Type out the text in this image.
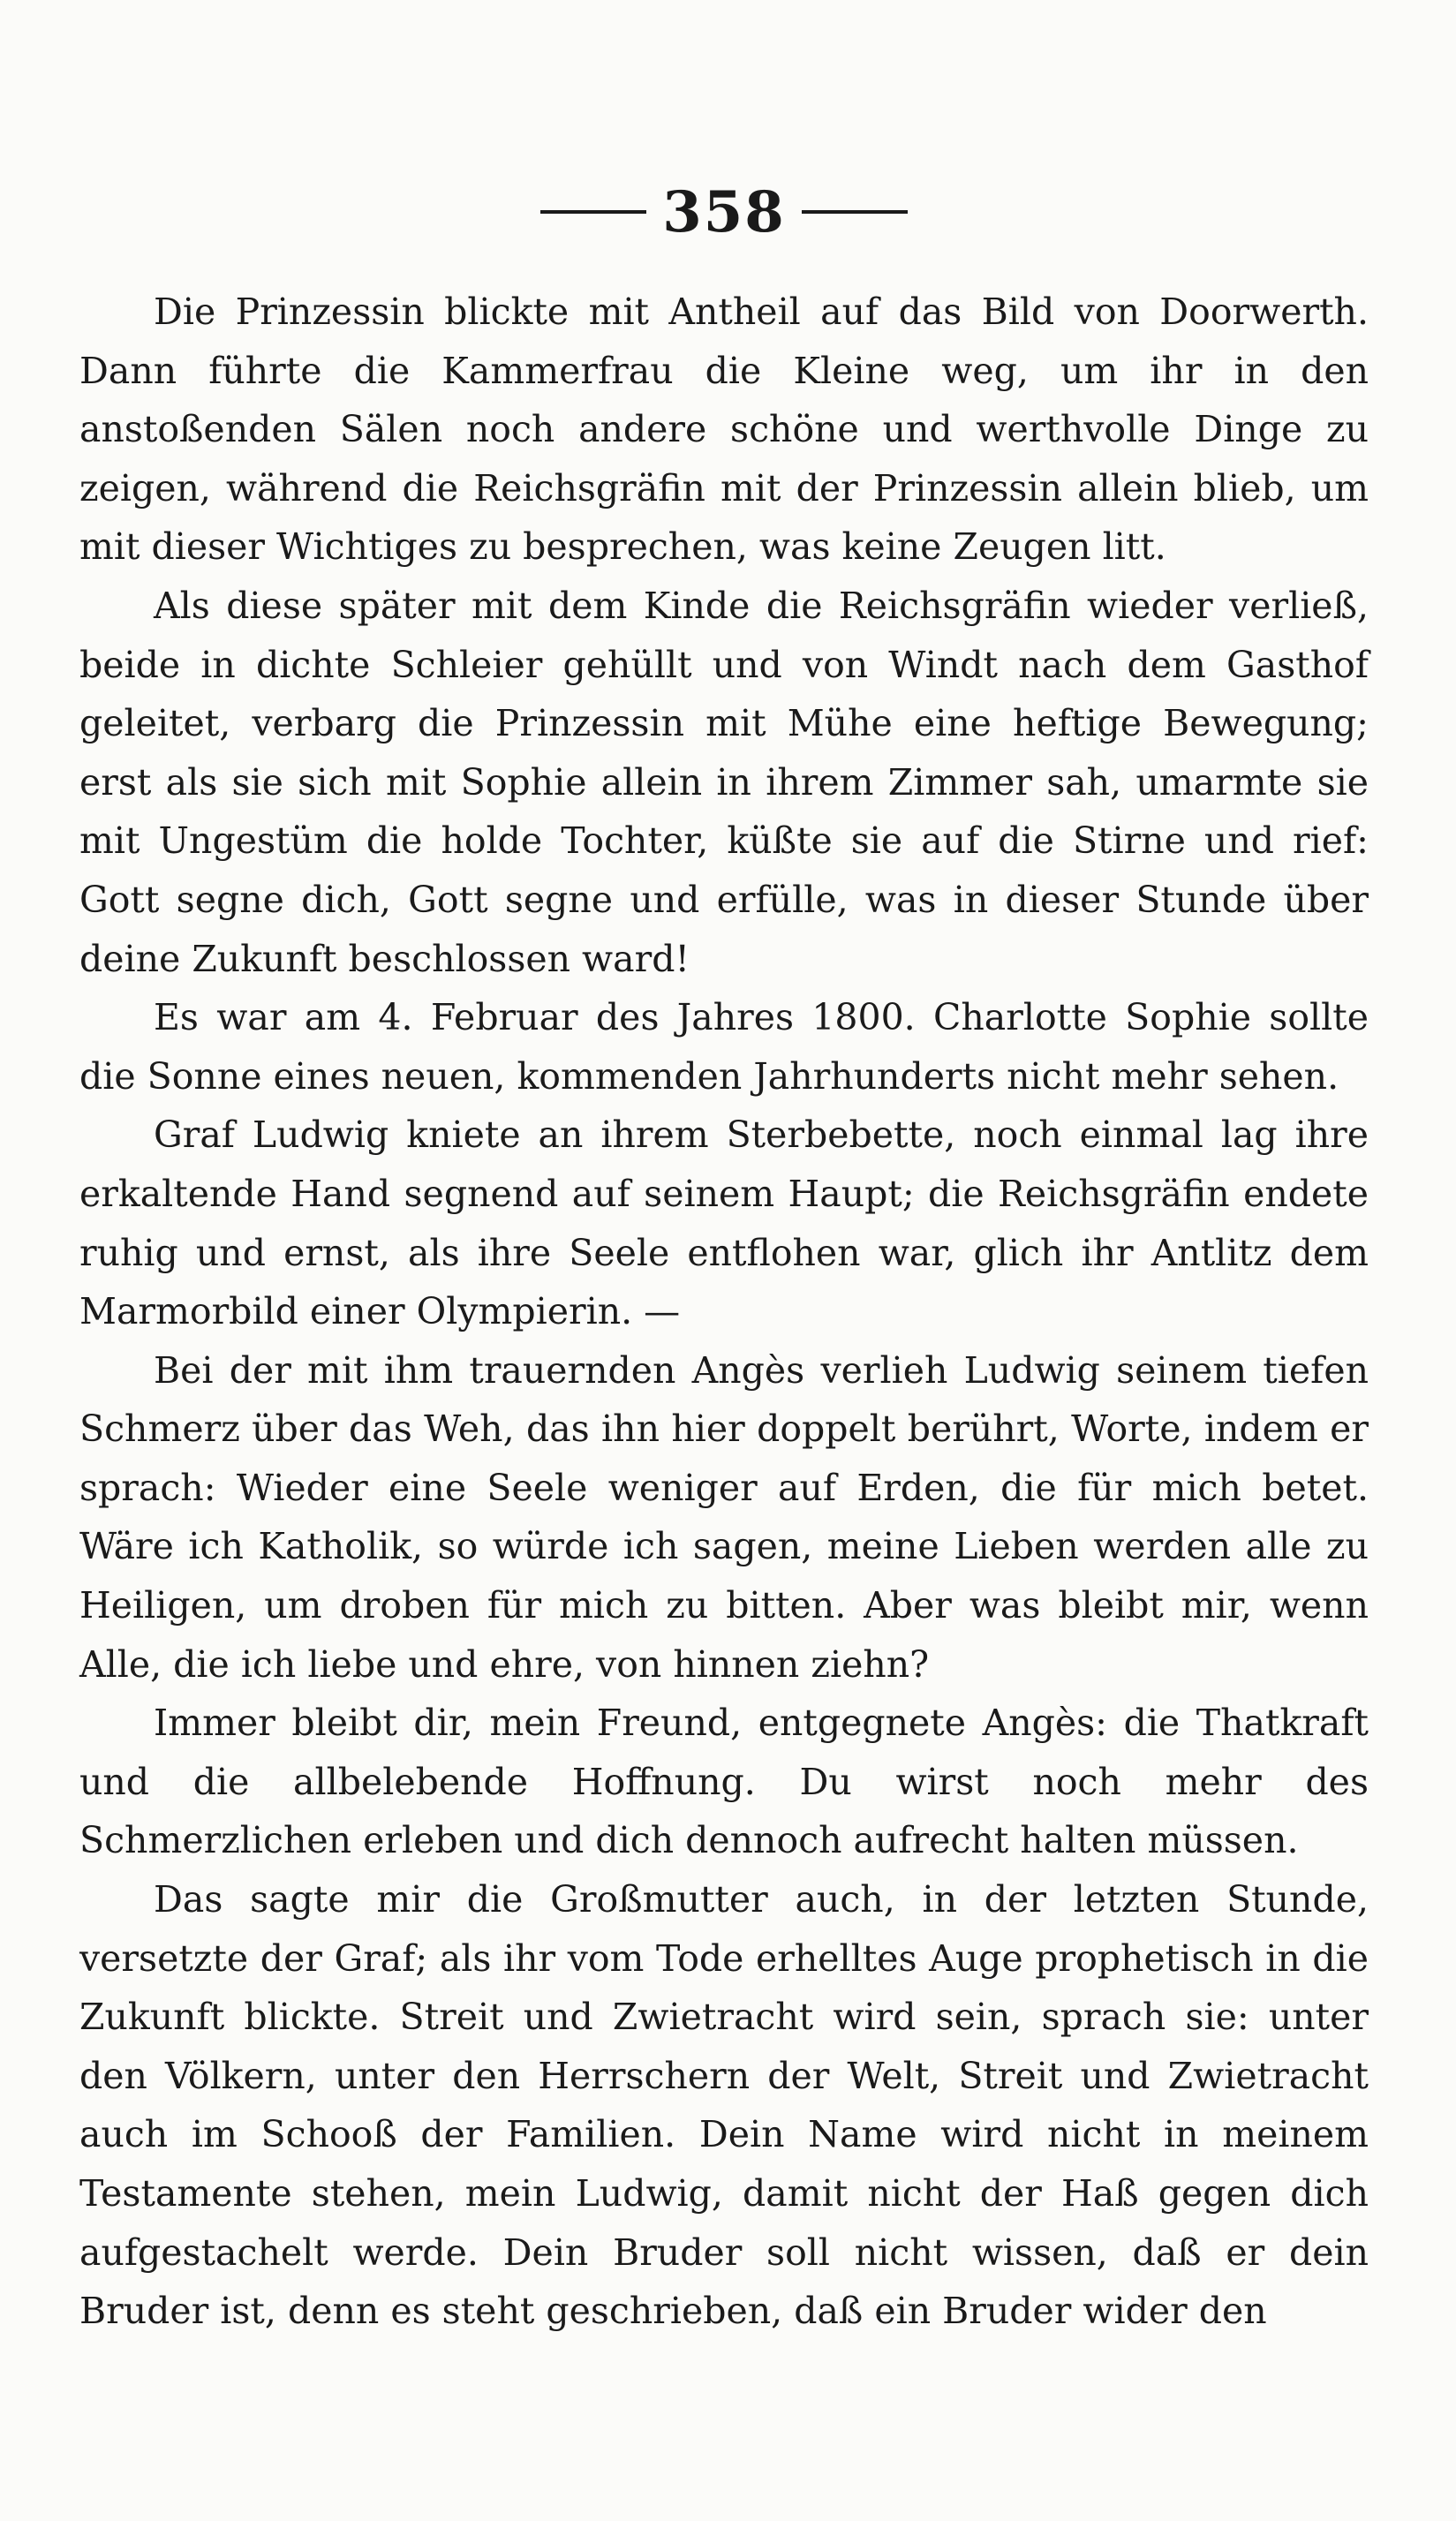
358

Die Prinzessin blickte mit Antheil auf das Bild von Doorwerth. Dann führte die Kammerfrau die Kleine weg, um ihr in den anstoßenden Sälen noch andere schöne und werthvolle Dinge zu zeigen, während die Reichsgräfin mit der Prinzessin allein blieb, um mit dieser Wichtiges zu besprechen, was keine Zeugen litt.

Als diese später mit dem Kinde die Reichsgräfin wieder verließ, beide in dichte Schleier gehüllt und von Windt nach dem Gasthof geleitet, verbarg die Prinzessin mit Mühe eine heftige Bewegung; erst als sie sich mit Sophie allein in ihrem Zimmer sah, umarmte sie mit Ungestüm die holde Tochter, küßte sie auf die Stirne und rief: Gott segne dich, Gott segne und erfülle, was in dieser Stunde über deine Zukunft beschlossen ward!

Es war am 4. Februar des Jahres 1800. Charlotte Sophie sollte die Sonne eines neuen, kommenden Jahrhunderts nicht mehr sehen.

Graf Ludwig kniete an ihrem Sterbebette, noch einmal lag ihre erkaltende Hand segnend auf seinem Haupt; die Reichsgräfin endete ruhig und ernst, als ihre Seele entflohen war, glich ihr Antlitz dem Marmorbild einer Olympierin. —

Bei der mit ihm trauernden Angès verlieh Ludwig seinem tiefen Schmerz über das Weh, das ihn hier doppelt berührt, Worte, indem er sprach: Wieder eine Seele weniger auf Erden, die für mich betet. Wäre ich Katholik, so würde ich sagen, meine Lieben werden alle zu Heiligen, um droben für mich zu bitten. Aber was bleibt mir, wenn Alle, die ich liebe und ehre, von hinnen ziehn?

Immer bleibt dir, mein Freund, entgegnete Angès: die Thatkraft und die allbelebende Hoffnung. Du wirst noch mehr des Schmerzlichen erleben und dich dennoch aufrecht halten müssen.

Das sagte mir die Großmutter auch, in der letzten Stunde, versetzte der Graf; als ihr vom Tode erhelltes Auge prophetisch in die Zukunft blickte. Streit und Zwietracht wird sein, sprach sie: unter den Völkern, unter den Herrschern der Welt, Streit und Zwietracht auch im Schooß der Familien. Dein Name wird nicht in meinem Testamente stehen, mein Ludwig, damit nicht der Haß gegen dich aufgestachelt werde. Dein Bruder soll nicht wissen, daß er dein Bruder ist, denn es steht geschrieben, daß ein Bruder wider den
